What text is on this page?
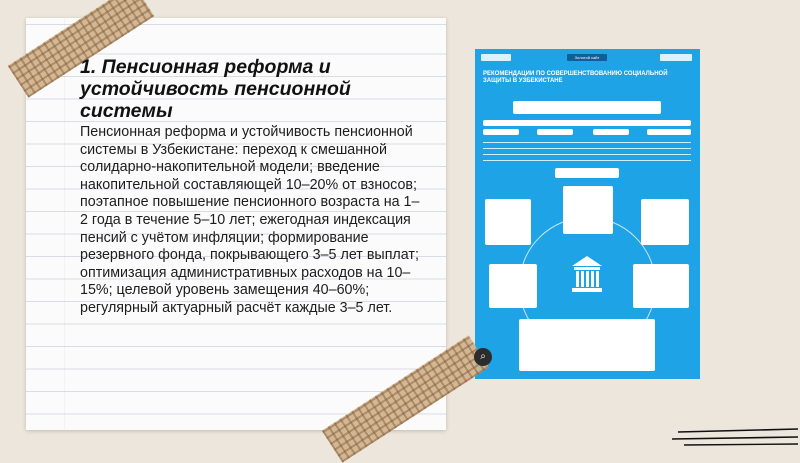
1. Пенсионная реформа и устойчивость пенсионной системы
Пенсионная реформа и устойчивость пенсионной системы в Узбекистане: переход к смешанной солидарно-накопительной модели; введение накопительной составляющей 10–20% от взносов; поэтапное повышение пенсионного возраста на 1–2 года в течение 5–10 лет; ежегодная индексация пенсий с учётом инфляции; формирование резервного фонда, покрывающего 3–5 лет выплат; оптимизация административных расходов на 10–15%; целевой уровень замещения 40–60%; регулярный актуарный расчёт каждые 3–5 лет.
Золотой сайт
РЕКОМЕНДАЦИИ ПО СОВЕРШЕНСТВОВАНИЮ СОЦИАЛЬНОЙ ЗАЩИТЫ В УЗБЕКИСТАНЕ
⌕
